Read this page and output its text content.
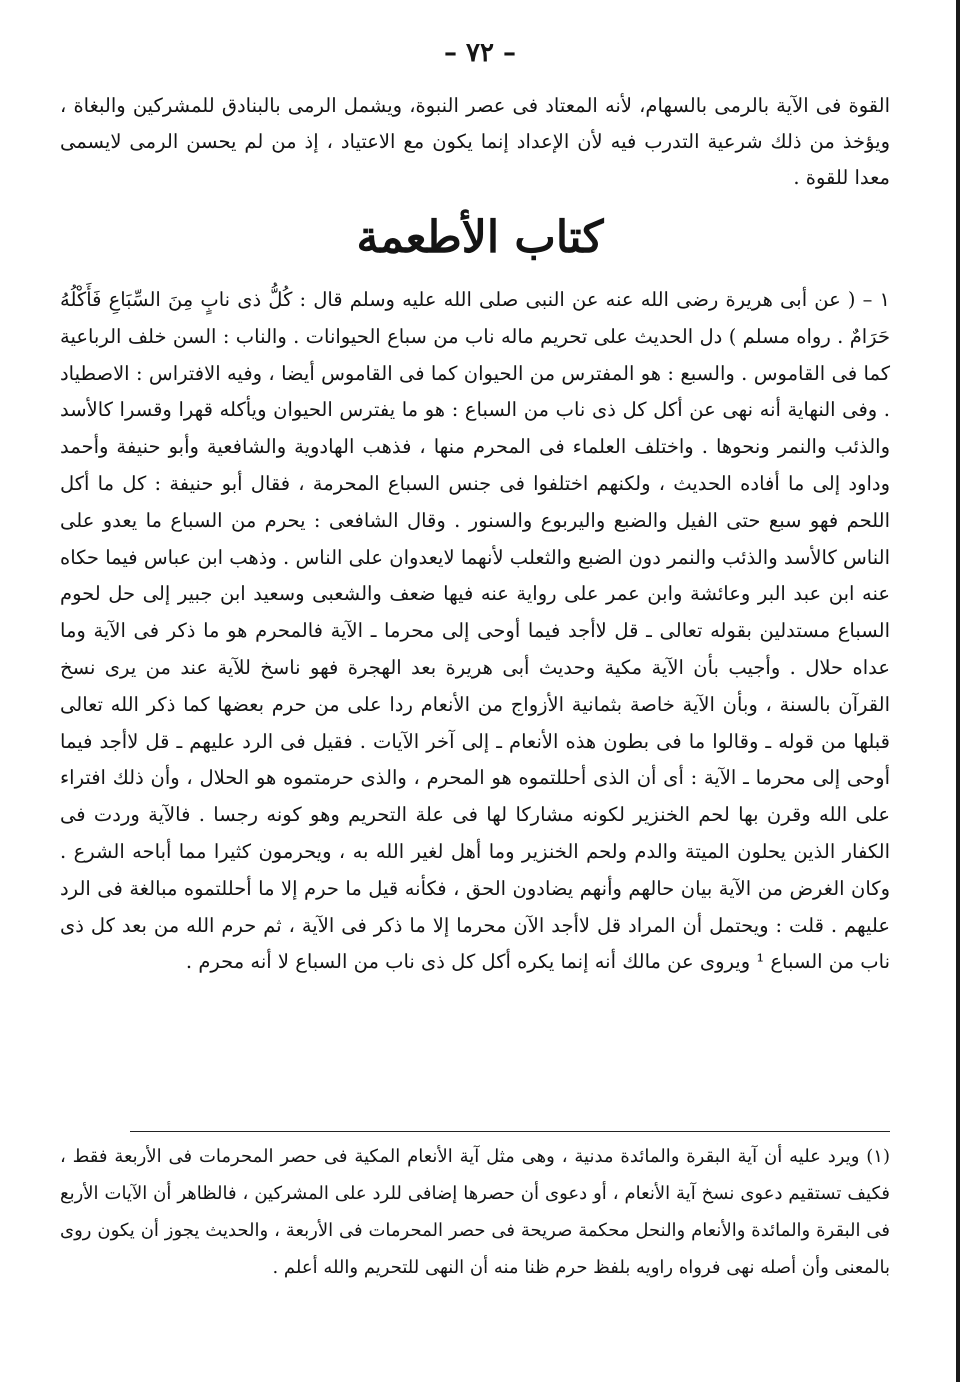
– ٧٢ –

القوة فى الآية بالرمى بالسهام، لأنه المعتاد فى عصر النبوة، ويشمل الرمى بالبنادق للمشركين والبغاة ، ويؤخذ من ذلك شرعية التدرب فيه لأن الإعداد إنما يكون مع الاعتياد ، إذ من لم يحسن الرمى لايسمى معدا للقوة .

كتاب الأطعمة

١ – ( عن أبى هريرة رضى الله عنه عن النبى صلى الله عليه وسلم قال : كُلُّ ذى نابٍ مِنَ السِّبَاعِ فَأَكْلُهُ حَرَامٌ . رواه مسلم ) دل الحديث على تحريم ماله ناب من سباع الحيوانات . والناب : السن خلف الرباعية كما فى القاموس . والسبع : هو المفترس من الحيوان كما فى القاموس أيضا ، وفيه الافتراس : الاصطياد . وفى النهاية أنه نهى عن أكل كل ذى ناب من السباع : هو ما يفترس الحيوان ويأكله قهرا وقسرا كالأسد والذئب والنمر ونحوها . واختلف العلماء فى المحرم منها ، فذهب الهادوية والشافعية وأبو حنيفة وأحمد وداود إلى ما أفاده الحديث ، ولكنهم اختلفوا فى جنس السباع المحرمة ، فقال أبو حنيفة : كل ما أكل اللحم فهو سبع حتى الفيل والضبع واليربوع والسنور . وقال الشافعى : يحرم من السباع ما يعدو على الناس كالأسد والذئب والنمر دون الضبع والثعلب لأنهما لايعدوان على الناس . وذهب ابن عباس فيما حكاه عنه ابن عبد البر وعائشة وابن عمر على رواية عنه فيها ضعف والشعبى وسعيد ابن جبير إلى حل لحوم السباع مستدلين بقوله تعالى ـ قل لاأجد فيما أوحى إلى محرما ـ الآية فالمحرم هو ما ذكر فى الآية وما عداه حلال . وأجيب بأن الآية مكية وحديث أبى هريرة بعد الهجرة فهو ناسخ للآية عند من يرى نسخ القرآن بالسنة ، وبأن الآية خاصة بثمانية الأزواج من الأنعام ردا على من حرم بعضها كما ذكر الله تعالى قبلها من قوله ـ وقالوا ما فى بطون هذه الأنعام ـ إلى آخر الآيات . فقيل فى الرد عليهم ـ قل لاأجد فيما أوحى إلى محرما ـ الآية : أى أن الذى أحللتموه هو المحرم ، والذى حرمتموه هو الحلال ، وأن ذلك افتراء على الله وقرن بها لحم الخنزير لكونه مشاركا لها فى علة التحريم وهو كونه رجسا . فالآية وردت فى الكفار الذين يحلون الميتة والدم ولحم الخنزير وما أهل لغير الله به ، ويحرمون كثيرا مما أباحه الشرع . وكان الغرض من الآية بيان حالهم وأنهم يضادون الحق ، فكأنه قيل ما حرم إلا ما أحللتموه مبالغة فى الرد عليهم . قلت : ويحتمل أن المراد قل لاأجد الآن محرما إلا ما ذكر فى الآية ، ثم حرم الله من بعد كل ذى ناب من السباع ¹ ويروى عن مالك أنه إنما يكره أكل كل ذى ناب من السباع لا أنه محرم .

(١) ويرد عليه أن آية البقرة والمائدة مدنية ، وهى مثل آية الأنعام المكية فى حصر المحرمات فى الأربعة فقط ، فكيف تستقيم دعوى نسخ آية الأنعام ، أو دعوى أن حصرها إضافى للرد على المشركين ، فالظاهر أن الآيات الأربع فى البقرة والمائدة والأنعام والنحل محكمة صريحة فى حصر المحرمات فى الأربعة ، والحديث يجوز أن يكون روى بالمعنى وأن أصله نهى فرواه راويه بلفظ حرم ظنا منه أن النهى للتحريم والله أعلم .
